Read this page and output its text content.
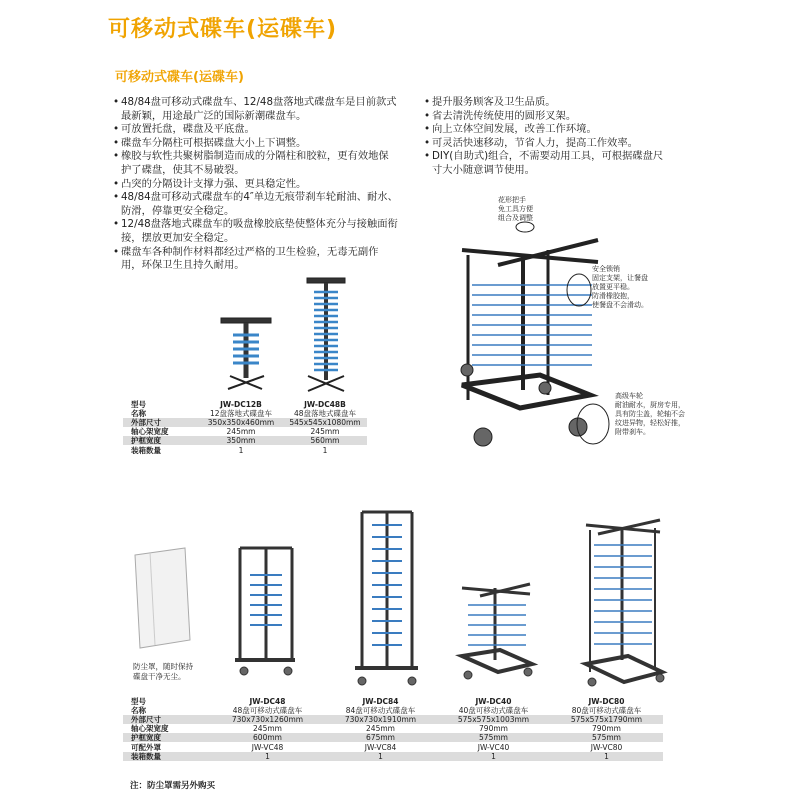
可移动式碟车(运碟车)
可移动式碟车(运碟车)
• 48/84盘可移动式碟盘车、12/48盘落地式碟盘车是目前款式最新颖，用途最广泛的国际新潮碟盘车。
• 可放置托盘，碟盘及平底盘。
• 碟盘车分隔柱可根据碟盘大小上下调整。
• 橡胶与软性共聚树脂制造而成的分隔柱和胶粒，更有效地保护了碟盘，使其不易破裂。
• 凸突的分隔设计支撑力强、更具稳定性。
• 48/84盘可移动式碟盘车的4″单边无痕带刹车轮耐油、耐水、防滑，停靠更安全稳定。
• 12/48盘落地式碟盘车的吸盘橡胶底垫使整体充分与接触面衔接，摆放更加安全稳定。
• 碟盘车各种制作材料都经过严格的卫生检验，无毒无副作用，环保卫生且持久耐用。
• 提升服务顾客及卫生品质。
• 省去清洗传统使用的圆形叉架。
• 向上立体空间发展，改善工作环境。
• 可灵活快速移动，节省人力，提高工作效率。
• DIY(自助式)组合，不需要动用工具，可根据碟盘尺寸大小随意调节使用。
花形把手
免工具方便
组合及调整
安全锁销
固定支架，让餐盘
放置更平稳。
防滑橡胶抱，
使餐盘不会滑动。
高级车轮
耐油耐水，厨房专用，
具有防尘盖，轮轴不会
纹进异物，轻松好推，
附带刹车。
防尘罩，随时保持
碟盘干净无尘。
型号	JW-DC12B	JW-DC48B
名称	12盘落地式碟盘车	48盘落地式碟盘车
外部尺寸	350x350x460mm	545x545x1080mm
轴心架宽度	245mm	245mm
护框宽度	350mm	560mm
装箱数量	1	1
型号	JW-DC48	JW-DC84	JW-DC40	JW-DC80
名称	48盘可移动式碟盘车	84盘可移动式碟盘车	40盘可移动式碟盘车	80盘可移动式碟盘车
外部尺寸	730x730x1260mm	730x730x1910mm	575x575x1003mm	575x575x1790mm
轴心架宽度	245mm	245mm	790mm	790mm
护框宽度	600mm	675mm	575mm	575mm
可配外罩	JW-VC48	JW-VC84	JW-VC40	JW-VC80
装箱数量	1	1	1	1
注：防尘罩需另外购买
